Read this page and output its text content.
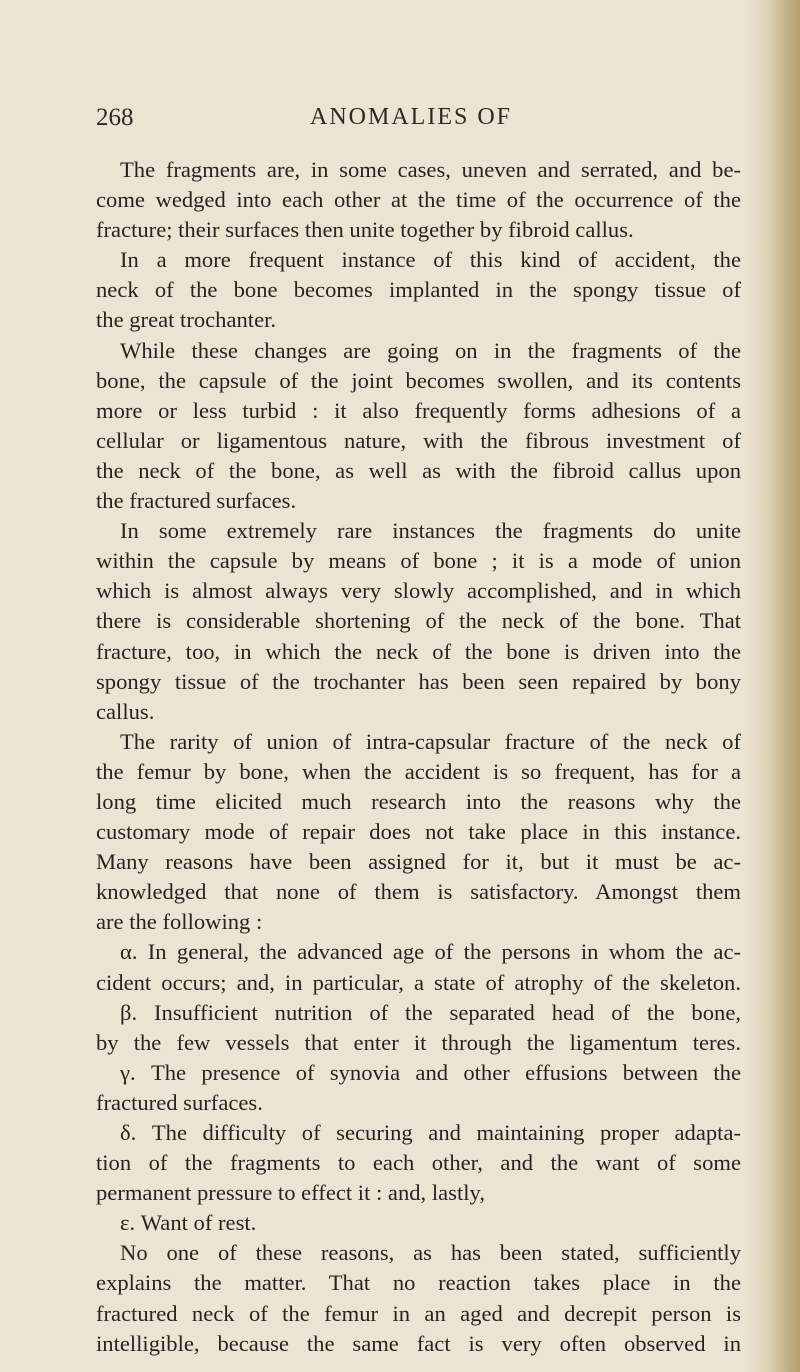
268	ANOMALIES OF
The fragments are, in some cases, uneven and serrated, and be-
come wedged into each other at the time of the occurrence of the
fracture; their surfaces then unite together by fibroid callus.
In a more frequent instance of this kind of accident, the
neck of the bone becomes implanted in the spongy tissue of
the great trochanter.
While these changes are going on in the fragments of the
bone, the capsule of the joint becomes swollen, and its contents
more or less turbid : it also frequently forms adhesions of a
cellular or ligamentous nature, with the fibrous investment of
the neck of the bone, as well as with the fibroid callus upon
the fractured surfaces.
In some extremely rare instances the fragments do unite
within the capsule by means of bone ; it is a mode of union
which is almost always very slowly accomplished, and in which
there is considerable shortening of the neck of the bone. That
fracture, too, in which the neck of the bone is driven into the
spongy tissue of the trochanter has been seen repaired by bony
callus.
The rarity of union of intra-capsular fracture of the neck of
the femur by bone, when the accident is so frequent, has for a
long time elicited much research into the reasons why the
customary mode of repair does not take place in this instance.
Many reasons have been assigned for it, but it must be ac-
knowledged that none of them is satisfactory. Amongst them
are the following :
α. In general, the advanced age of the persons in whom the ac-
cident occurs; and, in particular, a state of atrophy of the skeleton.
β. Insufficient nutrition of the separated head of the bone,
by the few vessels that enter it through the ligamentum teres.
γ. The presence of synovia and other effusions between the
fractured surfaces.
δ. The difficulty of securing and maintaining proper adapta-
tion of the fragments to each other, and the want of some
permanent pressure to effect it : and, lastly,
ε. Want of rest.
No one of these reasons, as has been stated, sufficiently
explains the matter. That no reaction takes place in the
fractured neck of the femur in an aged and decrepit person is
intelligible, because the same fact is very often observed in
